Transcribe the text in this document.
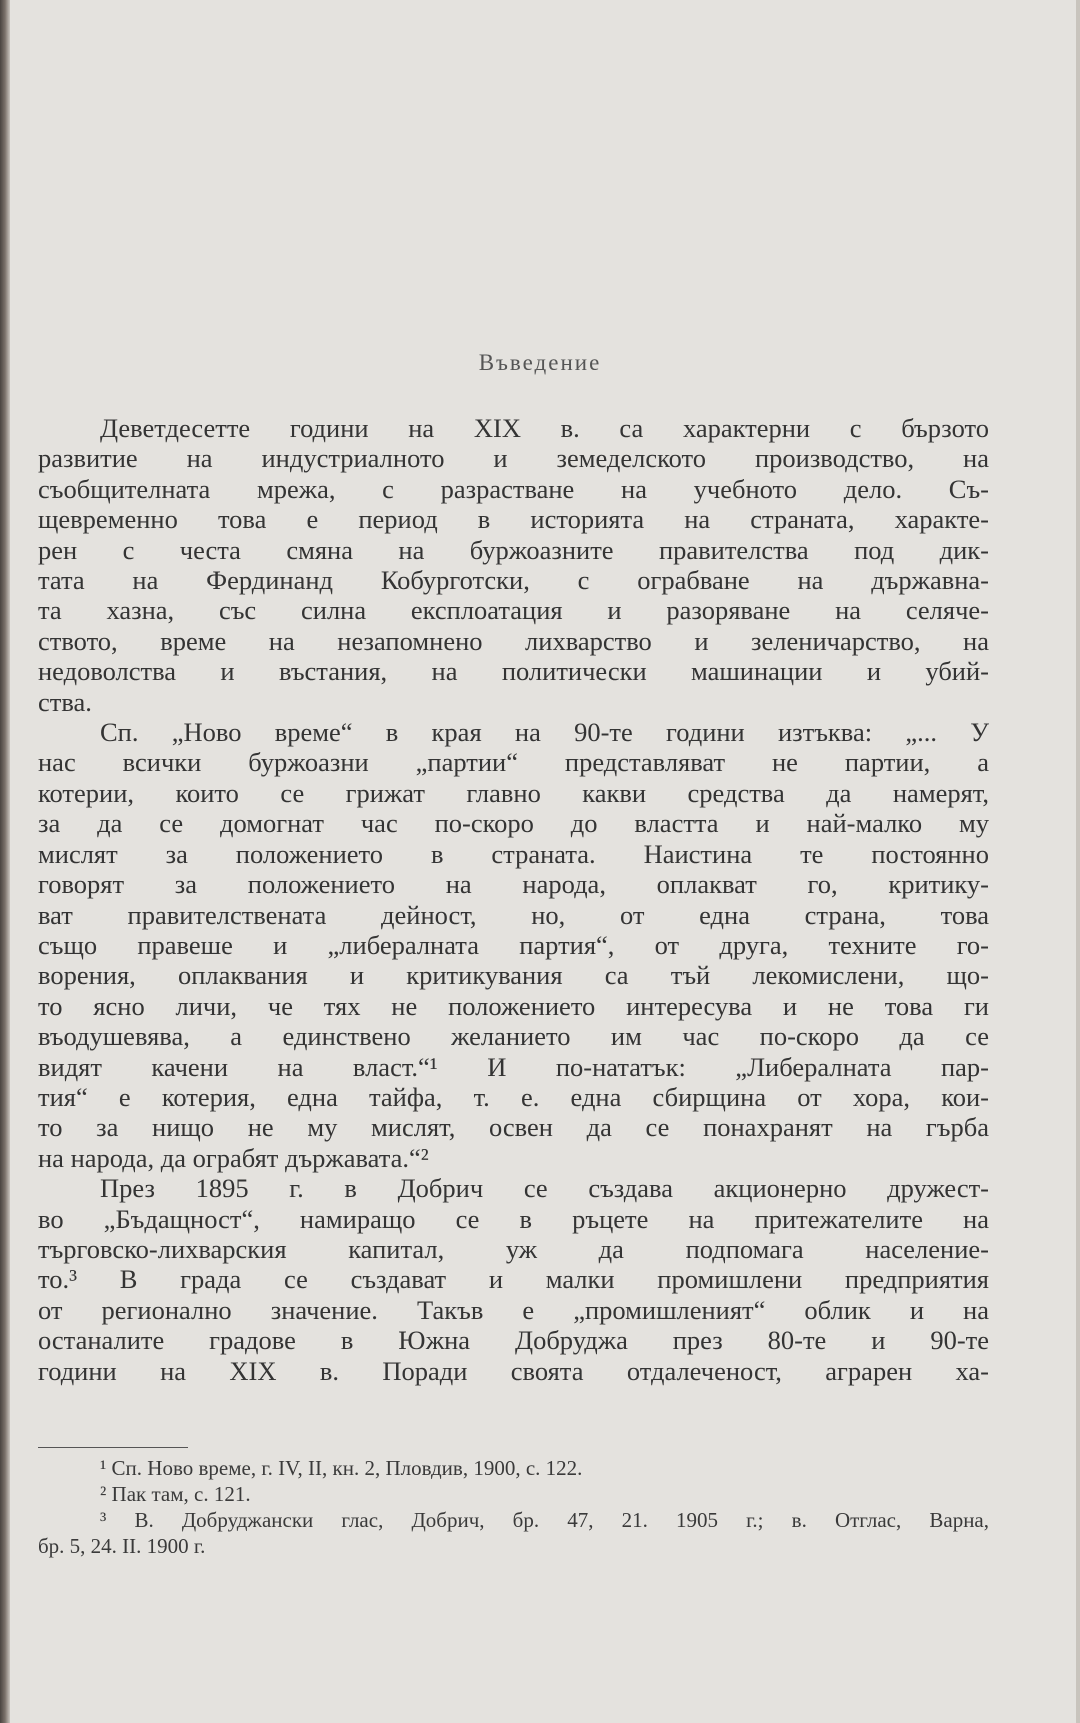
Въведение

Деветдесетте години на XIX в. са характерни с бързото
развитие на индустриалното и земеделското производство, на
съобщителната мрежа, с разрастване на учебното дело. Съ-
щевременно това е период в историята на страната, характе-
рен с честа смяна на буржоазните правителства под дик-
тата на Фердинанд Кобурготски, с ограбване на държавна-
та хазна, със силна експлоатация и разоряване на селяче-
ството, време на незапомнено лихварство и зеленичарство, на
недоволства и въстания, на политически машинации и убий-
ства.

Сп. „Ново време“ в края на 90-те години изтъква: „... У
нас всички буржоазни „партии“ представляват не партии, а
котерии, които се грижат главно какви средства да намерят,
за да се домогнат час по-скоро до властта и най-малко му
мислят за положението в страната. Наистина те постоянно
говорят за положението на народа, оплакват го, критику-
ват правителствената дейност, но, от една страна, това
също правеше и „либералната партия“, от друга, техните го-
ворения, оплаквания и критикувания са тъй лекомислени, що-
то ясно личи, че тях не положението интересува и не това ги
въодушевява, а единствено желанието им час по-скоро да се
видят качени на власт.“¹ И по-нататък: „Либералната пар-
тия“ е котерия, една тайфа, т. е. една сбирщина от хора, кои-
то за нищо не му мислят, освен да се понахранят на гърба
на народа, да ограбят държавата.“²

През 1895 г. в Добрич се създава акционерно дружест-
во „Бъдащност“, намиращо се в ръцете на притежателите на
търговско-лихварския капитал, уж да подпомага население-
то.³ В града се създават и малки промишлени предприятия
от регионално значение. Такъв е „промишленият“ облик и на
останалите градове в Южна Добруджа през 80-те и 90-те
години на XIX в. Поради своята отдалеченост, аграрен ха-

¹ Сп. Ново време, г. IV, II, кн. 2, Пловдив, 1900, с. 122.
² Пак там, с. 121.
³ В. Добруджански глас, Добрич, бр. 47, 21. 1905 г.; в. Отглас, Варна,
бр. 5, 24. II. 1900 г.
